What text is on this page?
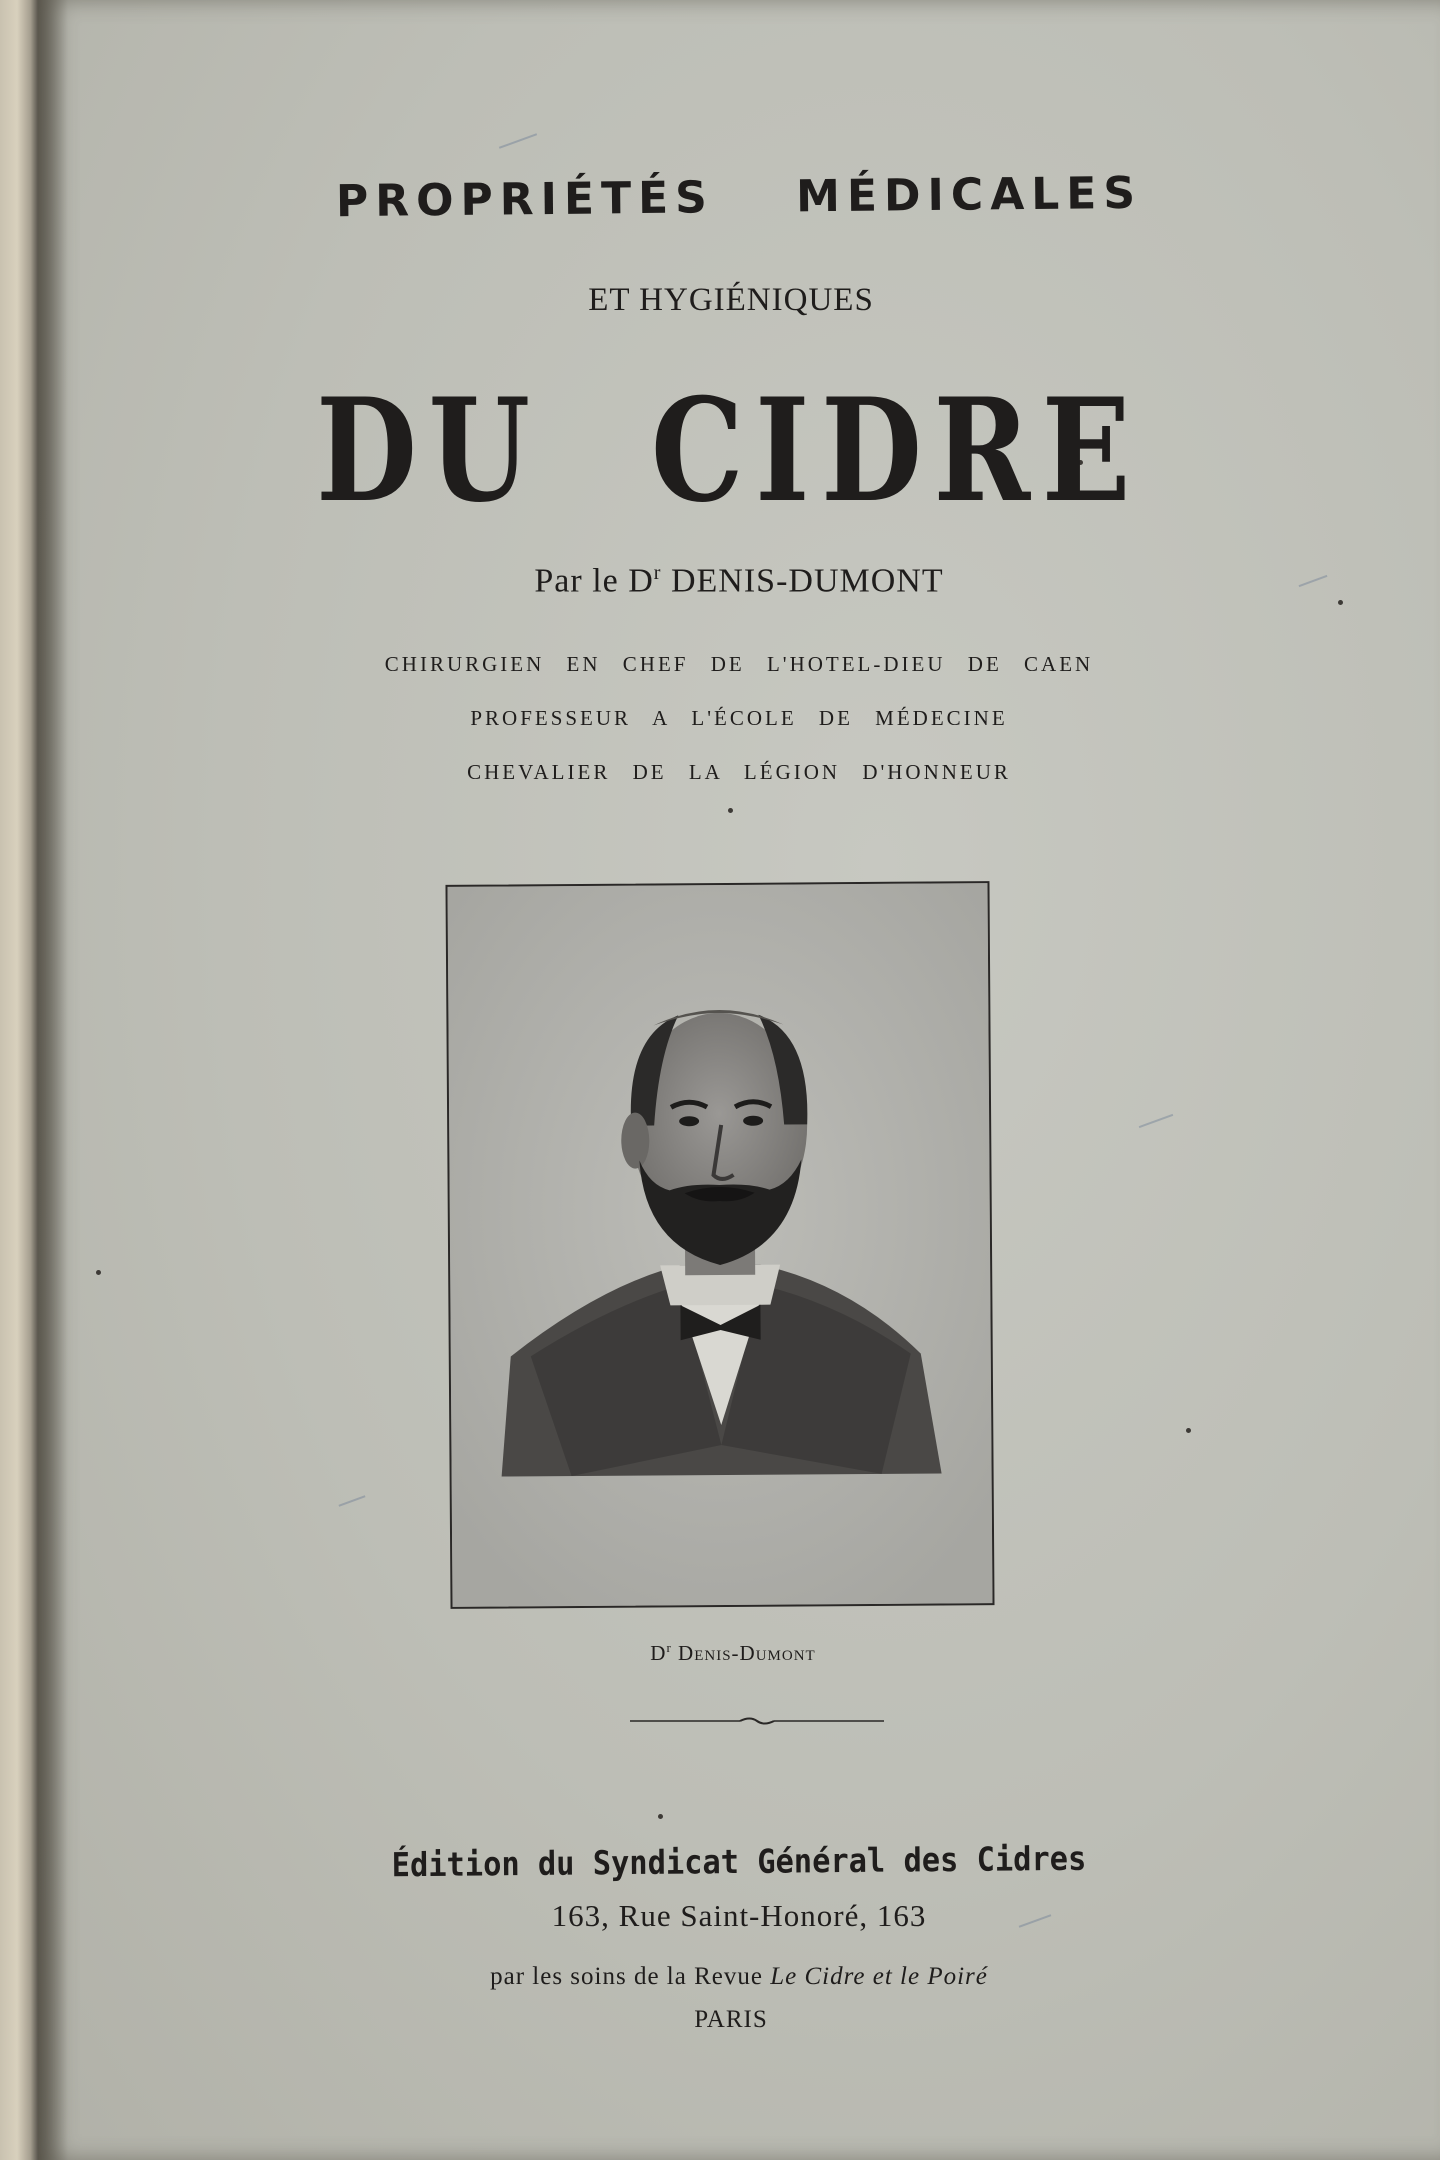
PROPRIÉTÉS MÉDICALES
ET HYGIÉNIQUES
DU CIDRE
Par le $D^r$ DENIS-DUMONT
CHIRURGIEN EN CHEF DE L'HOTEL-DIEU DE CAEN
PROFESSEUR A L'ÉCOLE DE MÉDECINE
CHEVALIER DE LA LÉGION D'HONNEUR
$D^r$ Denis-Dumont
Édition du Syndicat Général des Cidres
163, Rue Saint-Honoré, 163
par les soins de la Revue Le Cidre et le Poiré
PARIS
